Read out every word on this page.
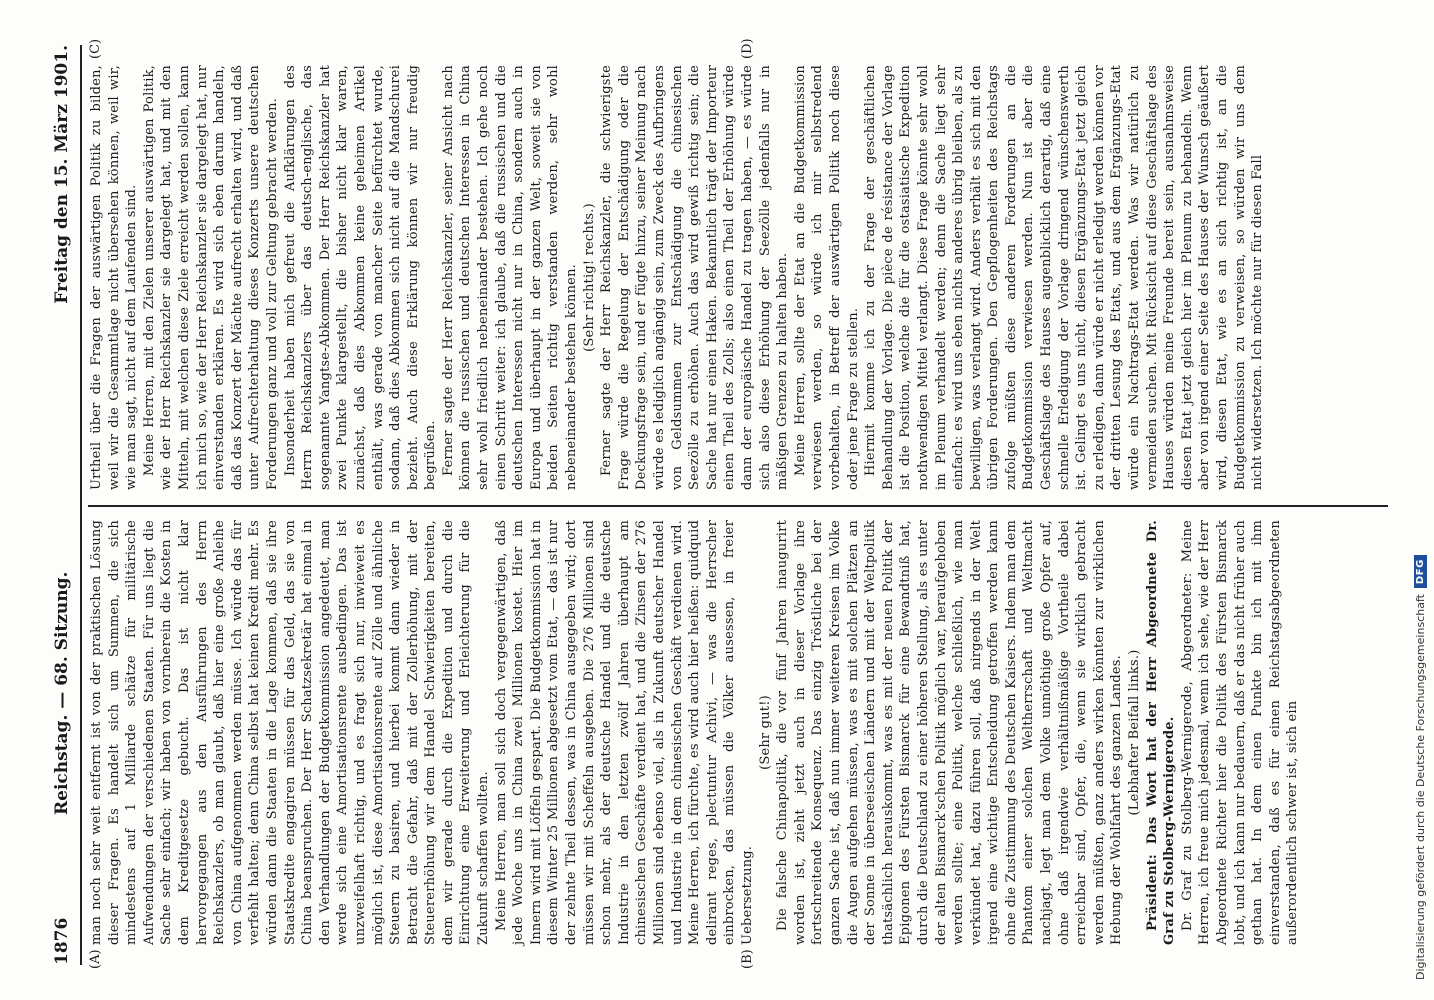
1876
Reichstag. — 68. Sitzung.
Freitag den 15. März 1901.
(A)	(B)
(C)	(D)

man noch sehr weit entfernt ist von der praktischen Lösung dieser Fragen. Es handelt sich um Summen, die sich mindestens auf 1 Milliarde schätze für militärische Aufwendungen der verschiedenen Staaten. Für uns liegt die Sache sehr einfach; wir haben von vornherein die Kosten in dem Kreditgesetze gebucht. Das ist nicht klar hervorgegangen aus den Ausführungen des Herrn Reichskanzlers, ob man glaubt, daß hier eine große Anleihe von China aufgenommen werden müsse. Ich würde das für verfehlt halten; denn China selbst hat keinen Kredit mehr. Es würden dann die Staaten in die Lage kommen, daß sie ihre Staatskredite engagiren müssen für das Geld, das sie von China beanspruchen. Der Herr Schatzsekretär hat einmal in den Verhandlungen der Budgetkommission angedeutet, man werde sich eine Amortisationsrente ausbedingen. Das ist unzweifelhaft richtig, und es fragt sich nur, inwieweit es möglich ist, diese Amortisationsrente auf Zölle und ähnliche Steuern zu basiren, und hierbei kommt dann wieder in Betracht die Gefahr, daß mit der Zollerhöhung, mit der Steuererhöhung wir dem Handel Schwierigkeiten bereiten, dem wir gerade durch die Expedition und durch die Einrichtung eine Erweiterung und Erleichterung für die Zukunft schaffen wollten. Meine Herren, man soll sich doch vergegenwärtigen, daß jede Woche uns in China zwei Millionen kostet. Hier im Innern wird mit Löffeln gespart. Die Budgetkommission hat in diesem Winter 25 Millionen abgesetzt vom Etat, — das ist nur der zehnte Theil dessen, was in China ausgegeben wird; dort müssen wir mit Scheffeln ausgeben. Die 276 Millionen sind schon mehr, als der deutsche Handel und die deutsche Industrie in den letzten zwölf Jahren überhaupt am chinesischen Geschäfte verdient hat, und die Zinsen der 276 Millionen sind ebenso viel, als in Zukunft deutscher Handel und Industrie in dem chinesischen Geschäft verdienen wird. Meine Herren, ich fürchte, es wird auch hier heißen: quidquid delirant reges, plectuntur Achivi, — was die Herrscher einbrocken, das müssen die Völker ausessen, in freier Uebersetzung.

(Sehr gut!) Die falsche Chinapolitik, die vor fünf Jahren inaugurirt worden ist, zieht jetzt auch in dieser Vorlage ihre fortschreitende Konsequenz. Das einzig Tröstliche bei der ganzen Sache ist, daß nun immer weiteren Kreisen im Volke die Augen aufgehen müssen, was es mit solchen Plätzen an der Sonne in überseeischen Ländern und mit der Weltpolitik thatsächlich herauskommt, was es mit der neuen Politik der Epigonen des Fürsten Bismarck für eine Bewandtniß hat, durch die Deutschland zu einer höheren Stellung, als es unter der alten Bismarck'schen Politik möglich war, heraufgehoben werden sollte; eine Politik, welche schließlich, wie man verkündet hat, dazu führen soll, daß nirgends in der Welt irgend eine wichtige Entscheidung getroffen werden kann ohne die Zustimmung des Deutschen Kaisers. Indem man dem Phantom einer solchen Weltherrschaft und Weltmacht nachjagt, legt man dem Volke unnöthige große Opfer auf, ohne daß irgendwie verhältnißmäßige Vortheile dabei erreichbar sind, Opfer, die, wenn sie wirklich gebracht werden müßten, ganz anders wirken könnten zur wirklichen Hebung der Wohlfahrt des ganzen Landes. (Lebhafter Beifall links.) Präsident: Das Wort hat der Herr Abgeordnete Dr. Graf zu Stolberg-Wernigerode. Dr. Graf zu Stolberg-Wernigerode, Abgeordneter: Meine Herren, ich freue mich jedesmal, wenn ich sehe, wie der Herr Abgeordnete Richter hier die Politik des Fürsten Bismarck lobt, und ich kann nur bedauern, daß er das nicht früher auch gethan hat. In dem einen Punkte bin ich mit ihm einverstanden, daß es für einen Reichstagsabgeordneten außerordentlich schwer ist, sich ein

Urtheil über die Fragen der auswärtigen Politik zu bilden, weil wir die Gesammtlage nicht übersehen können, weil wir, wie man sagt, nicht auf dem Laufenden sind. Meine Herren, mit den Zielen unserer auswärtigen Politik, wie der Herr Reichskanzler sie dargelegt hat, und mit den Mitteln, mit welchen diese Ziele erreicht werden sollen, kann ich mich so, wie der Herr Reichskanzler sie dargelegt hat, nur einverstanden erklären. Es wird sich eben darum handeln, daß das Konzert der Mächte aufrecht erhalten wird, und daß unter Aufrechterhaltung dieses Konzerts unsere deutschen Forderungen ganz und voll zur Geltung gebracht werden. Insonderheit haben mich gefreut die Aufklärungen des Herrn Reichskanzlers über das deutsch-englische, das sogenannte Yangtse-Abkommen. Der Herr Reichskanzler hat zwei Punkte klargestellt, die bisher nicht klar waren, zunächst, daß dies Abkommen keine geheimen Artikel enthält, was gerade von mancher Seite befürchtet wurde, sodann, daß dies Abkommen sich nicht auf die Mandschurei bezieht. Auch diese Erklärung können wir nur freudig begrüßen. Ferner sagte der Herr Reichskanzler, seiner Ansicht nach können die russischen und deutschen Interessen in China sehr wohl friedlich nebeneinander bestehen. Ich gehe noch einen Schritt weiter: ich glaube, daß die russischen und die deutschen Interessen nicht nur in China, sondern auch in Europa und überhaupt in der ganzen Welt, soweit sie von beiden Seiten richtig verstanden werden, sehr wohl nebeneinander bestehen können. (Sehr richtig! rechts.) Ferner sagte der Herr Reichskanzler, die schwierigste Frage würde die Regelung der Entschädigung oder die Deckungsfrage sein, und er fügte hinzu, seiner Meinung nach würde es lediglich angängig sein, zum Zweck des Aufbringens von Geldsummen zur Entschädigung die chinesischen Seezölle zu erhöhen. Auch das wird gewiß richtig sein; die Sache hat nur einen Haken. Bekanntlich trägt der Importeur einen Theil des Zolls; also einen Theil der Erhöhung würde dann der europäische Handel zu tragen haben, — es würde sich also diese Erhöhung der Seezölle jedenfalls nur in mäßigen Grenzen zu halten haben. Meine Herren, sollte der Etat an die Budgetkommission verwiesen werden, so würde ich mir selbstredend vorbehalten, in Betreff der auswärtigen Politik noch diese oder jene Frage zu stellen. Hiermit komme ich zu der Frage der geschäftlichen Behandlung der Vorlage. Die pièce de résistance der Vorlage ist die Position, welche die für die ostasiatische Expedition nothwendigen Mittel verlangt. Diese Frage könnte sehr wohl im Plenum verhandelt werden; denn die Sache liegt sehr einfach: es wird uns eben nichts anderes übrig bleiben, als zu bewilligen, was verlangt wird. Anders verhält es sich mit den übrigen Forderungen. Den Gepflogenheiten des Reichstags zufolge müßten diese anderen Forderungen an die Budgetkommission verwiesen werden. Nun ist aber die Geschäftslage des Hauses augenblicklich derartig, daß eine schnelle Erledigung der Vorlage dringend wünschenswerth ist. Gelingt es uns nicht, diesen Ergänzungs-Etat jetzt gleich zu erledigen, dann würde er nicht erledigt werden können vor der dritten Lesung des Etats, und aus dem Ergänzungs-Etat würde ein Nachtrags-Etat werden. Was wir natürlich zu vermeiden suchen. Mit Rücksicht auf diese Geschäftslage des Hauses würden meine Freunde bereit sein, ausnahmsweise diesen Etat jetzt gleich hier im Plenum zu behandeln. Wenn aber von irgend einer Seite des Hauses der Wunsch geäußert wird, diesen Etat, wie es an sich richtig ist, an die Budgetkommission zu verweisen, so würden wir uns dem nicht widersetzen. Ich möchte nur für diesen Fall

Digitalisierung gefördert durch die Deutsche Forschungsgemeinschaft
DFG
